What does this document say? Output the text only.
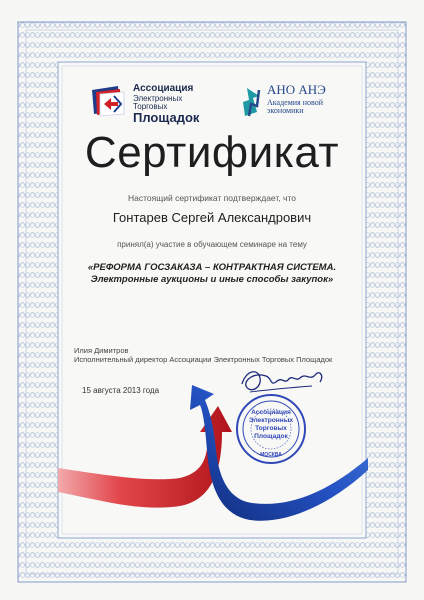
Ассоциация
Электронных
Торговых
Площадок
АНО АНЭ
Академия новой
экономики
Сертификат
Настоящий сертификат подтверждает, что
Гонтарев Сергей Александрович
принял(а) участие в обучающем семинаре на тему
«РЕФОРМА ГОСЗАКАЗА – КОНТРАКТНАЯ СИСТЕМА.
Электронные аукционы и иные способы закупок»
Илия Димитров
Исполнительный директор Ассоциации Электронных Торговых Площадок
15 августа 2013 года
Ассоциация
Электронных
Торговых
Площадок
МОСКВА
